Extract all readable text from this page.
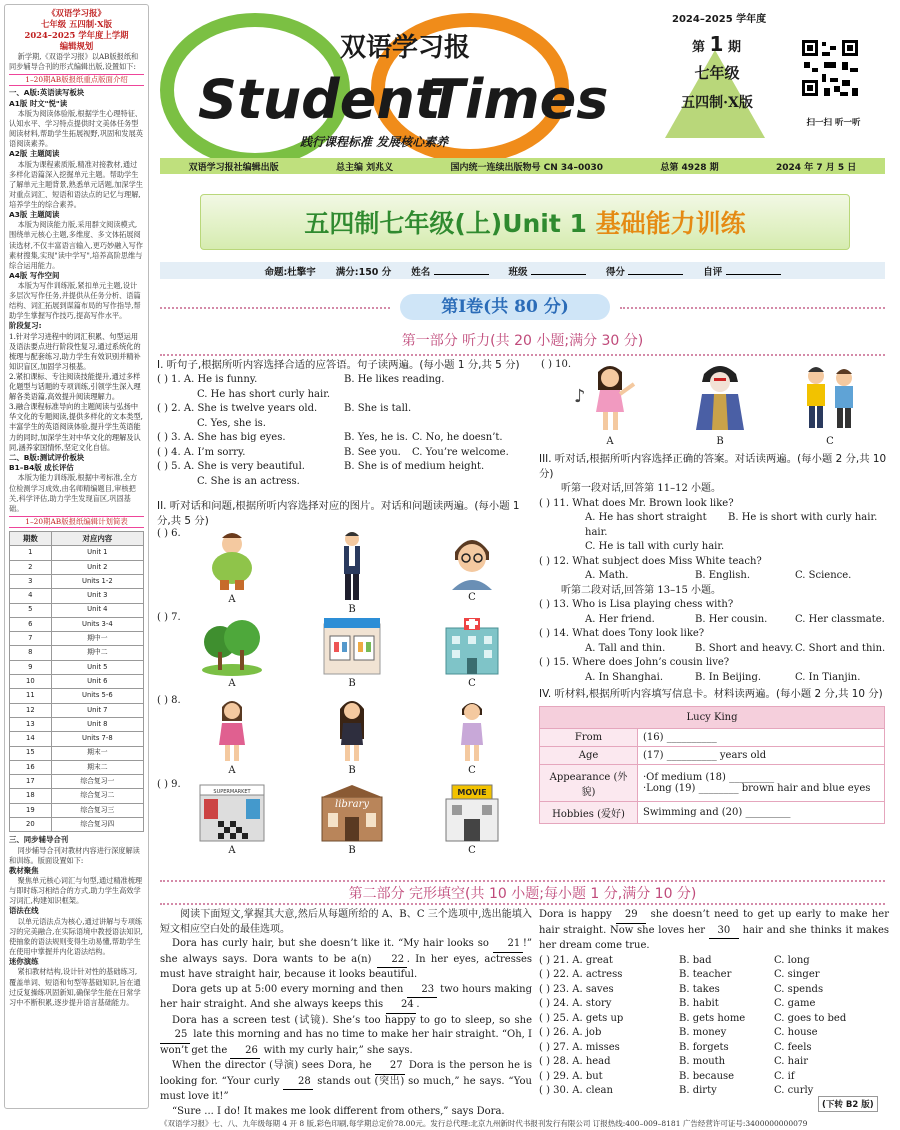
《双语学习报》
七年级 五四制·X版
2024–2025 学年度上学期
编辑规划
新学期,《双语学习报》以AB版报纸和同步辅导合刊的形式编辑出版,设置如下:
1–20期AB版报纸重点版面介绍
一、A版:英语读写板块
A1版 时文"悦"读
本版为阅读体验版,根据学生心理特征、认知水平、学习特点提供时文美体任务型阅读材料,帮助学生拓展视野,巩固和发展英语阅读素养。
A2版 主题阅读
本版为课程素质版,精准对接教材,通过多样化语篇深入挖掘单元主题。帮助学生了解单元主题背景,熟悉单元话题,加深学生对重点词汇、短语和语法点的记忆与理解,培养学生的综合素养。
A3版 主题阅读
本版为阅读能力版,采用群文阅读模式,围绕单元核心主题,多维度、多文体拓展阅读选材,不仅丰富语言输入,更巧妙融入写作素材搜集,实现"读中学写",培养高阶思维与综合运用能力。
A4版 写作空间
本版为写作训练版,紧扣单元主题,设计多层次写作任务,并提供从任务分析、语篇结构、词汇拓展到谋篇布局的写作指导,帮助学生掌握写作技巧,提高写作水平。
阶段复习:
1.针对学习进程中的词汇积累、句型运用及语法要点进行阶段性复习,通过系统化的梳理与配套练习,助力学生有效识别并精补知识盲区,加固学习根基。
2.紧扣课标、专注阅读技能提升,通过多样化题型与话题的专项训练,引领学生深入理解各类语篇,高效提升阅读理解力。
3.融合课程标准导向的主题阅读与弘扬中华文化的专题阅读,提供多样化的文本类型,丰富学生的英语阅读体验,提升学生英语能力的同时,加深学生对中华文化的理解及认同,涵养家国情怀,坚定文化自信。
二、B版:测试评价板块
B1–B4版 成长评估
本版为能力训练版,根据中考标准,全方位检测学习成效,由名师精编题目,审核把关,科学评估,助力学生发现盲区,巩固基础。
1–20期AB版报纸编辑计划简表
期数	对应内容
1	Unit 1
2	Unit 2
3	Units 1-2
4	Unit 3
5	Unit 4
6	Units 3-4
7	期中一
8	期中二
9	Unit 5
10	Unit 6
11	Units 5-6
12	Unit 7
13	Unit 8
14	Units 7-8
15	期末一
16	期末二
17	综合复习一
18	综合复习二
19	综合复习三
20	综合复习四
三、同步辅导合刊
同步辅导合刊对教材内容进行深度解读和训练。版面设置如下:
教材聚焦
聚焦单元核心词汇与句型,通过精准梳理与即时练习相结合的方式,助力学生高效学习词汇,构建知识框架。
语法在线
以单元语法点为核心,通过讲解与专项练习的完美融合,在实际语境中教授语法知识,使抽象的语法规则变得生动易懂,帮助学生在使用中掌握并内化语法结构。
迷你演练
紧扣教材结构,设计针对性的基础练习,覆盖单词、短语和句型等基础知识,旨在通过反复操练巩固新知,确保学生能在日常学习中不断积累,逐步提升语言基础能力。
双语学习报
Student
Times
践行课程标准 发展核心素养
2024–2025 学年度
第 1 期
七年级
五四制·X版
扫一扫 听一听
双语学习报社编辑出版	总主编 刘兆义	国内统一连续出版物号 CN 34–0030	总第 4928 期	2024 年 7 月 5 日
五四制七年级(上)Unit 1
基础能力训练
命题:杜擎宇 满分:150 分 姓名	班级	得分	自评
第Ⅰ卷(共 80 分)
第一部分 听力(共 20 小题;满分 30 分)
I. 听句子,根据所听内容选择合适的应答语。句子读两遍。(每小题 1 分,共 5 分)
( ) 1. A. He is funny.	B. He likes reading.
C. He has short curly hair.
( ) 2. A. She is twelve years old.	B. She is tall.
C. Yes, she is.
( ) 3. A. She has big eyes.	B. Yes, he is. C. No, he doesn’t.
( ) 4. A. I’m sorry.	B. See you. C. You’re welcome.
( ) 5. A. She is very beautiful.	B. She is of medium height.
C. She is an actress.
II. 听对话和问题,根据所听内容选择对应的图片。对话和问题读两遍。(每小题 1 分,共 5 分)
( ) 6.
A
B
C
( ) 7.
A	B	C
( ) 8.
A	B	C
( ) 9.
SUPERMARKET
A
library
B
MOVIE
C
( ) 10.
♪
A	B	C
III. 听对话,根据所听内容选择正确的答案。对话读两遍。(每小题 2 分,共 10 分)
听第一段对话,回答第 11–12 小题。
( ) 11. What does Mr. Brown look like?
A. He has short straight hair.
B. He is short with curly hair.
C. He is tall with curly hair.
( ) 12. What subject does Miss White teach?
A. Math.	B. English.	C. Science.
听第二段对话,回答第 13–15 小题。
( ) 13. Who is Lisa playing chess with?
A. Her friend.	B. Her cousin.	C. Her classmate.
( ) 14. What does Tony look like?
A. Tall and thin.	B. Short and heavy. C. Short and thin.
( ) 15. Where does John’s cousin live?
A. In Shanghai.	B. In Beijing.	C. In Tianjin.
IV. 听材料,根据所听内容填写信息卡。材料读两遍。(每小题 2 分,共 10 分)
Lucy King	
From	(16) __________
Age	(17) __________ years old
Appearance (外貌)	·Of medium (18) _________
·Long (19) ________ brown hair and blue eyes

Hobbies (爱好)	Swimming and (20) _________
第二部分 完形填空(共 10 小题;每小题 1 分,满分 10 分)

阅读下面短文,掌握其大意,然后从每题所给的 A、B、C 三个选项中,选出能填入短文相应空白处的最佳选项。

Dora has curly hair, but she doesn’t like it. “My hair looks so 21 !” she always says. Dora wants to be a(n) 22 . In her eyes, actresses must have straight hair, because it looks beautiful.

Dora gets up at 5:00 every morning and then 23 two hours making her hair straight. And she always keeps this 24 .

Dora has a screen test (试镜). She’s too happy to go to sleep, so she 25 late this morning and has no time to make her hair straight. “Oh, I won’t get the 26 with my curly hair,” she says.

When the director (导演) sees Dora, he 27 Dora is the person he is looking for. “Your curly 28 stands out (突出) so much,” he says. “You must love it!”

“Sure ... I do! It makes me look different from others,” says Dora.

Dora is happy 29 she doesn’t need to get up early to make her hair straight. Now she loves her 30 hair and she thinks it makes her dream come true.

( ) 21. A. great	B. bad	C. long
( ) 22. A. actress	B. teacher	C. singer
( ) 23. A. saves	B. takes	C. spends
( ) 24. A. story	B. habit	C. game
( ) 25. A. gets up	B. gets home	C. goes to bed
( ) 26. A. job	B. money	C. house
( ) 27. A. misses	B. forgets	C. feels
( ) 28. A. head	B. mouth	C. hair
( ) 29. A. but	B. because	C. if
( ) 30. A. clean	B. dirty	C. curly
(下转 B2 版)
《双语学习报》七、八、九年级每期 4 开 8 版,彩色印刷,每学期总定价78.00元。发行总代理:北京九州新时代书报刊发行有限公司 订报热线:400–009–8181 广告经营许可证号:3400000000079
